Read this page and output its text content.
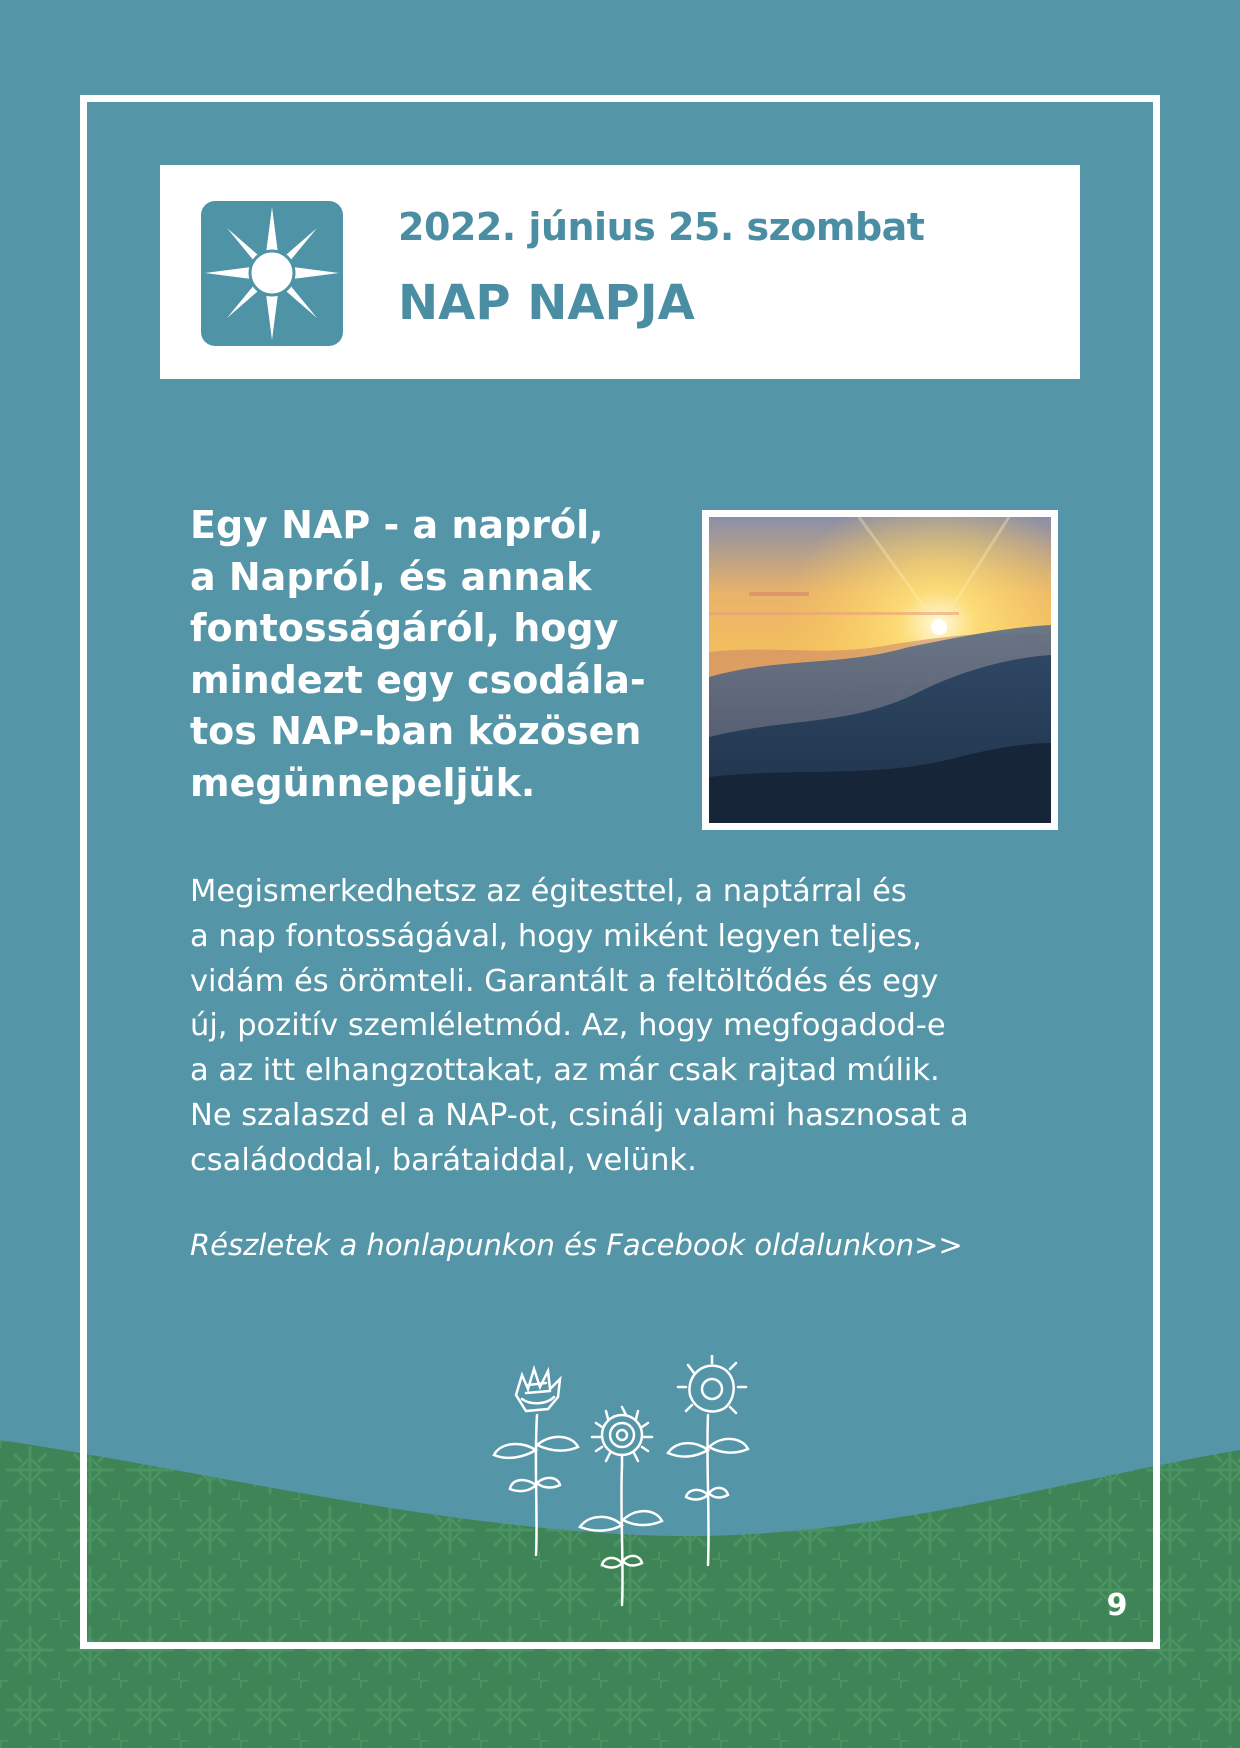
2022. június 25. szombat
NAP NAPJA

Egy NAP - a napról,
a Napról, és annak
fontosságáról, hogy
mindezt egy csodála-
tos NAP-ban közösen
megünnepeljük.

Megismerkedhetsz az égitesttel, a naptárral és
a nap fontosságával, hogy miként legyen teljes,
vidám és örömteli. Garantált a feltöltődés és egy
új, pozitív szemléletmód. Az, hogy megfogadod-e
a az itt elhangzottakat, az már csak rajtad múlik.
Ne szalaszd el a NAP-ot, csinálj valami hasznosat a
családoddal, barátaiddal, velünk.

Részletek a honlapunkon és Facebook oldalunkon>>
9
